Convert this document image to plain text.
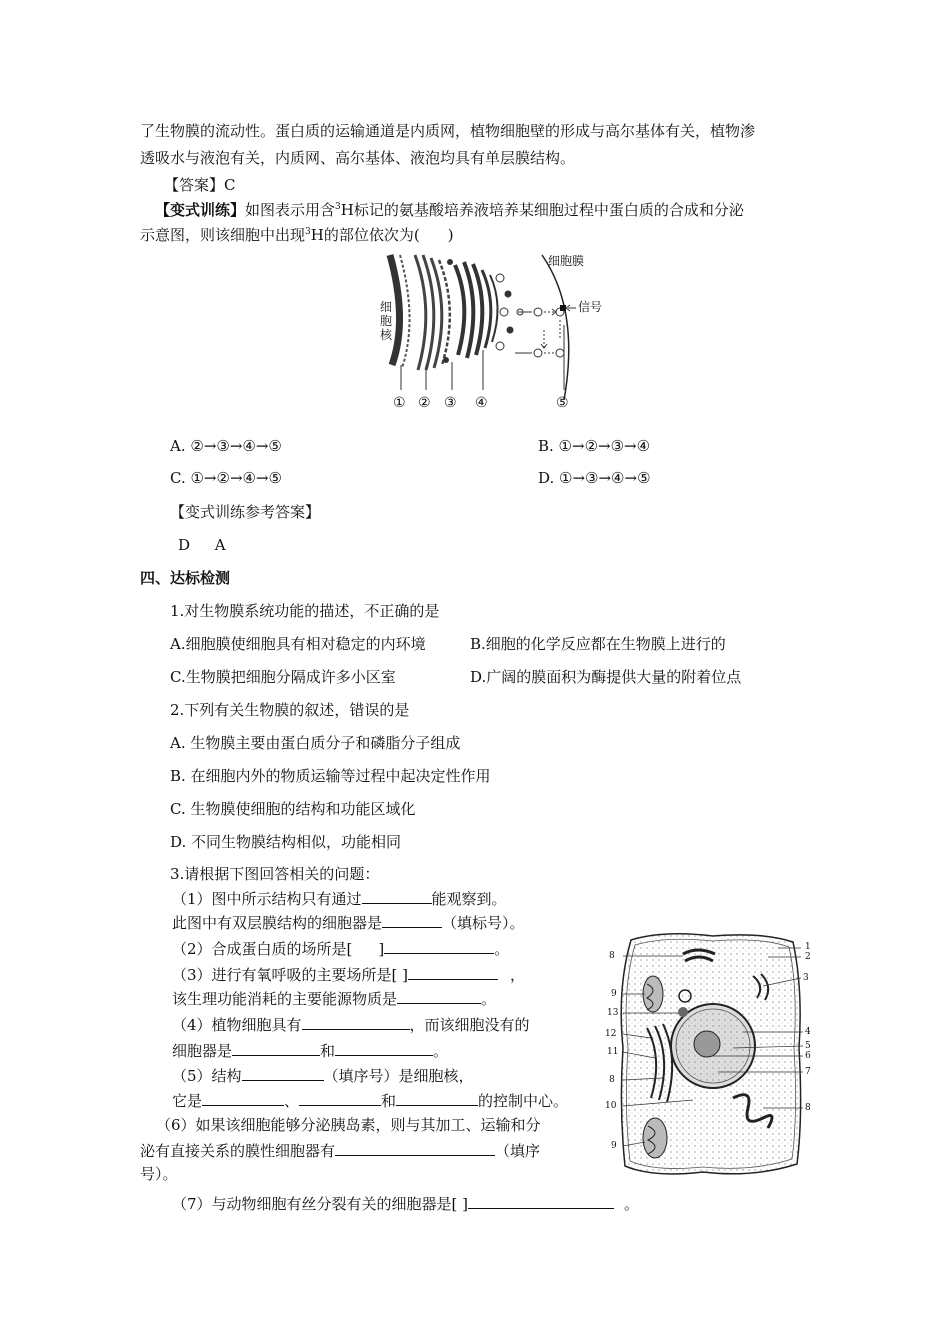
了生物膜的流动性。蛋白质的运输通道是内质网，植物细胞壁的形成与高尔基体有关，植物渗
透吸水与液泡有关，内质网、高尔基体、液泡均具有单层膜结构。
【答案】C
【变式训练】如图表示用含$^3$H标记的氨基酸培养液培养某细胞过程中蛋白质的合成和分泌
示意图，则该细胞中出现$^3$H的部位依次为( )
细胞膜
信号
细
胞
核
① ② ③ ④	⑤
A. ②→③→④→⑤	B. ①→②→③→④
C. ①→②→④→⑤	D. ①→③→④→⑤
【变式训练参考答案】
D A
四、达标检测
1.对生物膜系统功能的描述，不正确的是
A.细胞膜使细胞具有相对稳定的内环境	B.细胞的化学反应都在生物膜上进行的
C.生物膜把细胞分隔成许多小区室	D.广阔的膜面积为酶提供大量的附着位点
2.下列有关生物膜的叙述，错误的是
A. 生物膜主要由蛋白质分子和磷脂分子组成
B. 在细胞内外的物质运输等过程中起决定性作用
C. 生物膜使细胞的结构和功能区域化
D. 不同生物膜结构相似，功能相同
3.请根据下图回答相关的问题：
（1）图中所示结构只有通过	能观察到。
此图中有双层膜结构的细胞器是	（填标号）。
（2）合成蛋白质的场所是[ ]	。
（3）进行有氧呼吸的主要场所是[ ]	，
该生理功能消耗的主要能源物质是	。
（4）植物细胞具有	，而该细胞没有的
细胞器是	和	。
（5）结构	（填序号）是细胞核，
它是	、	和	的控制中心。
（6）如果该细胞能够分泌胰岛素，则与其加工、运输和分
泌有直接关系的膜性细胞器有	（填序
号）。
（7）与动物细胞有丝分裂有关的细胞器是[ ]	。
1
2
3
4
5
6
7
8
8
9
13
12
11
8
10
9
